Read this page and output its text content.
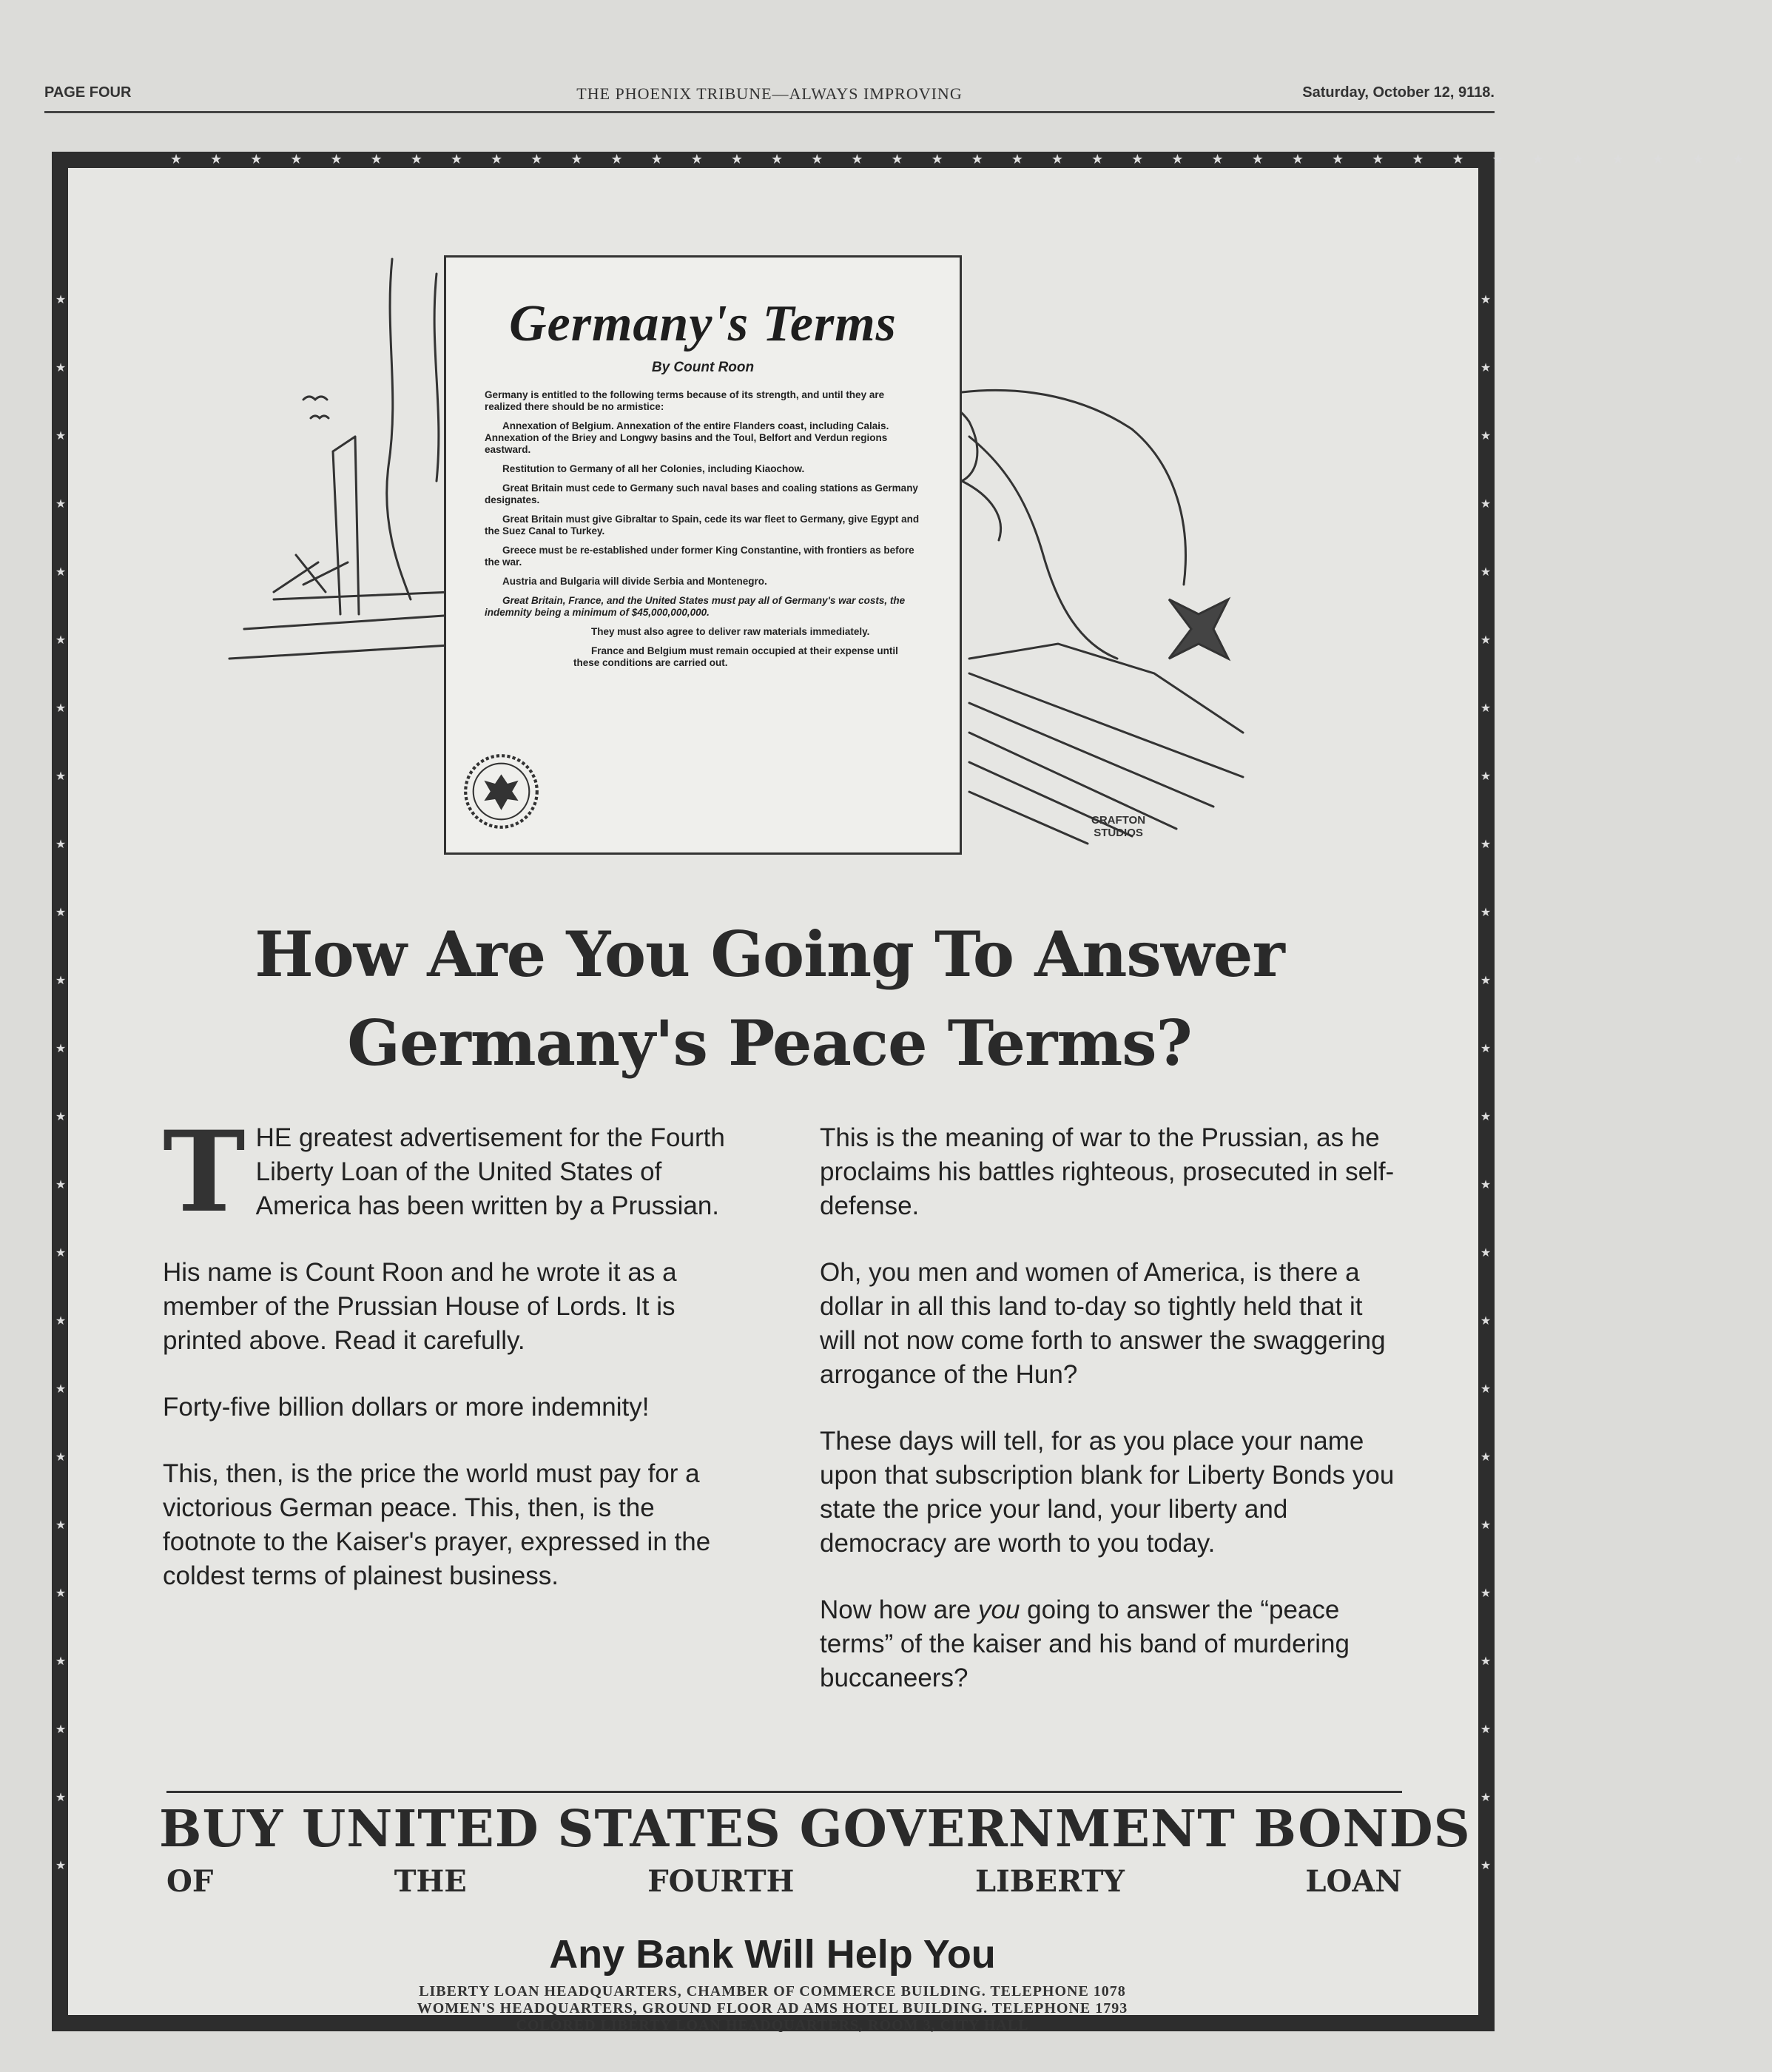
PAGE FOUR	THE PHOENIX TRIBUNE—ALWAYS IMPROVING	Saturday, October 12, 9118.
★★★★★★★★★★★★★★★★★★★★★★★★★★★★★★★★★★★★★★★★
★
★
★
★
★
★
★
★
★
★
★
★
★
★
★
★
★
★
★
★
★
★
★
★
★
★
★
★
★
★
★
★
★
★
★
★
★
★
★
★
★
★
★
★
★
★
★
★
Germany's Terms
By Count Roon

Germany is entitled to the following terms because of its strength, and until they are realized there should be no armistice:

Annexation of Belgium. Annexation of the entire Flanders coast, including Calais. Annexation of the Briey and Longwy basins and the Toul, Belfort and Verdun regions eastward.

Restitution to Germany of all her Colonies, including Kiaochow.

Great Britain must cede to Germany such naval bases and coaling stations as Germany designates.

Great Britain must give Gibraltar to Spain, cede its war fleet to Germany, give Egypt and the Suez Canal to Turkey.

Greece must be re-established under former King Constantine, with frontiers as before the war.

Austria and Bulgaria will divide Serbia and Montenegro.

Great Britain, France, and the United States must pay all of Germany's war costs, the indemnity being a minimum of $45,000,000,000.

They must also agree to deliver raw materials immediately.

France and Belgium must remain occupied at their expense until these conditions are carried out.

CRAFTON
STUDIOS
How Are You Going To Answer
Germany's Peace Terms?

THE greatest advertisement for the Fourth Liberty Loan of the United States of America has been written by a Prussian.

His name is Count Roon and he wrote it as a member of the Prussian House of Lords. It is printed above. Read it carefully.

Forty-five billion dollars or more indemnity!

This, then, is the price the world must pay for a victorious German peace. This, then, is the footnote to the Kaiser's prayer, expressed in the coldest terms of plainest business.

This is the meaning of war to the Prussian, as he proclaims his battles righteous, prosecuted in self-defense.

Oh, you men and women of America, is there a dollar in all this land to-day so tightly held that it will not now come forth to answer the swaggering arrogance of the Hun?

These days will tell, for as you place your name upon that subscription blank for Liberty Bonds you state the price your land, your liberty and democracy are worth to you today.

Now how are you going to answer the “peace terms” of the kaiser and his band of murdering buccaneers?

BUY UNITED STATES GOVERNMENT BONDS
OF	THE	FOURTH	LIBERTY	LOAN
Any Bank Will Help You
LIBERTY LOAN HEADQUARTERS, CHAMBER OF COMMERCE BUILDING. TELEPHONE 1078
WOMEN'S HEADQUARTERS, GROUND FLOOR AD AMS HOTEL BUILDING. TELEPHONE 1793
COLORED LIBERTY LOAN HEADQUARTERS, ROOM 3, CITY HALL
